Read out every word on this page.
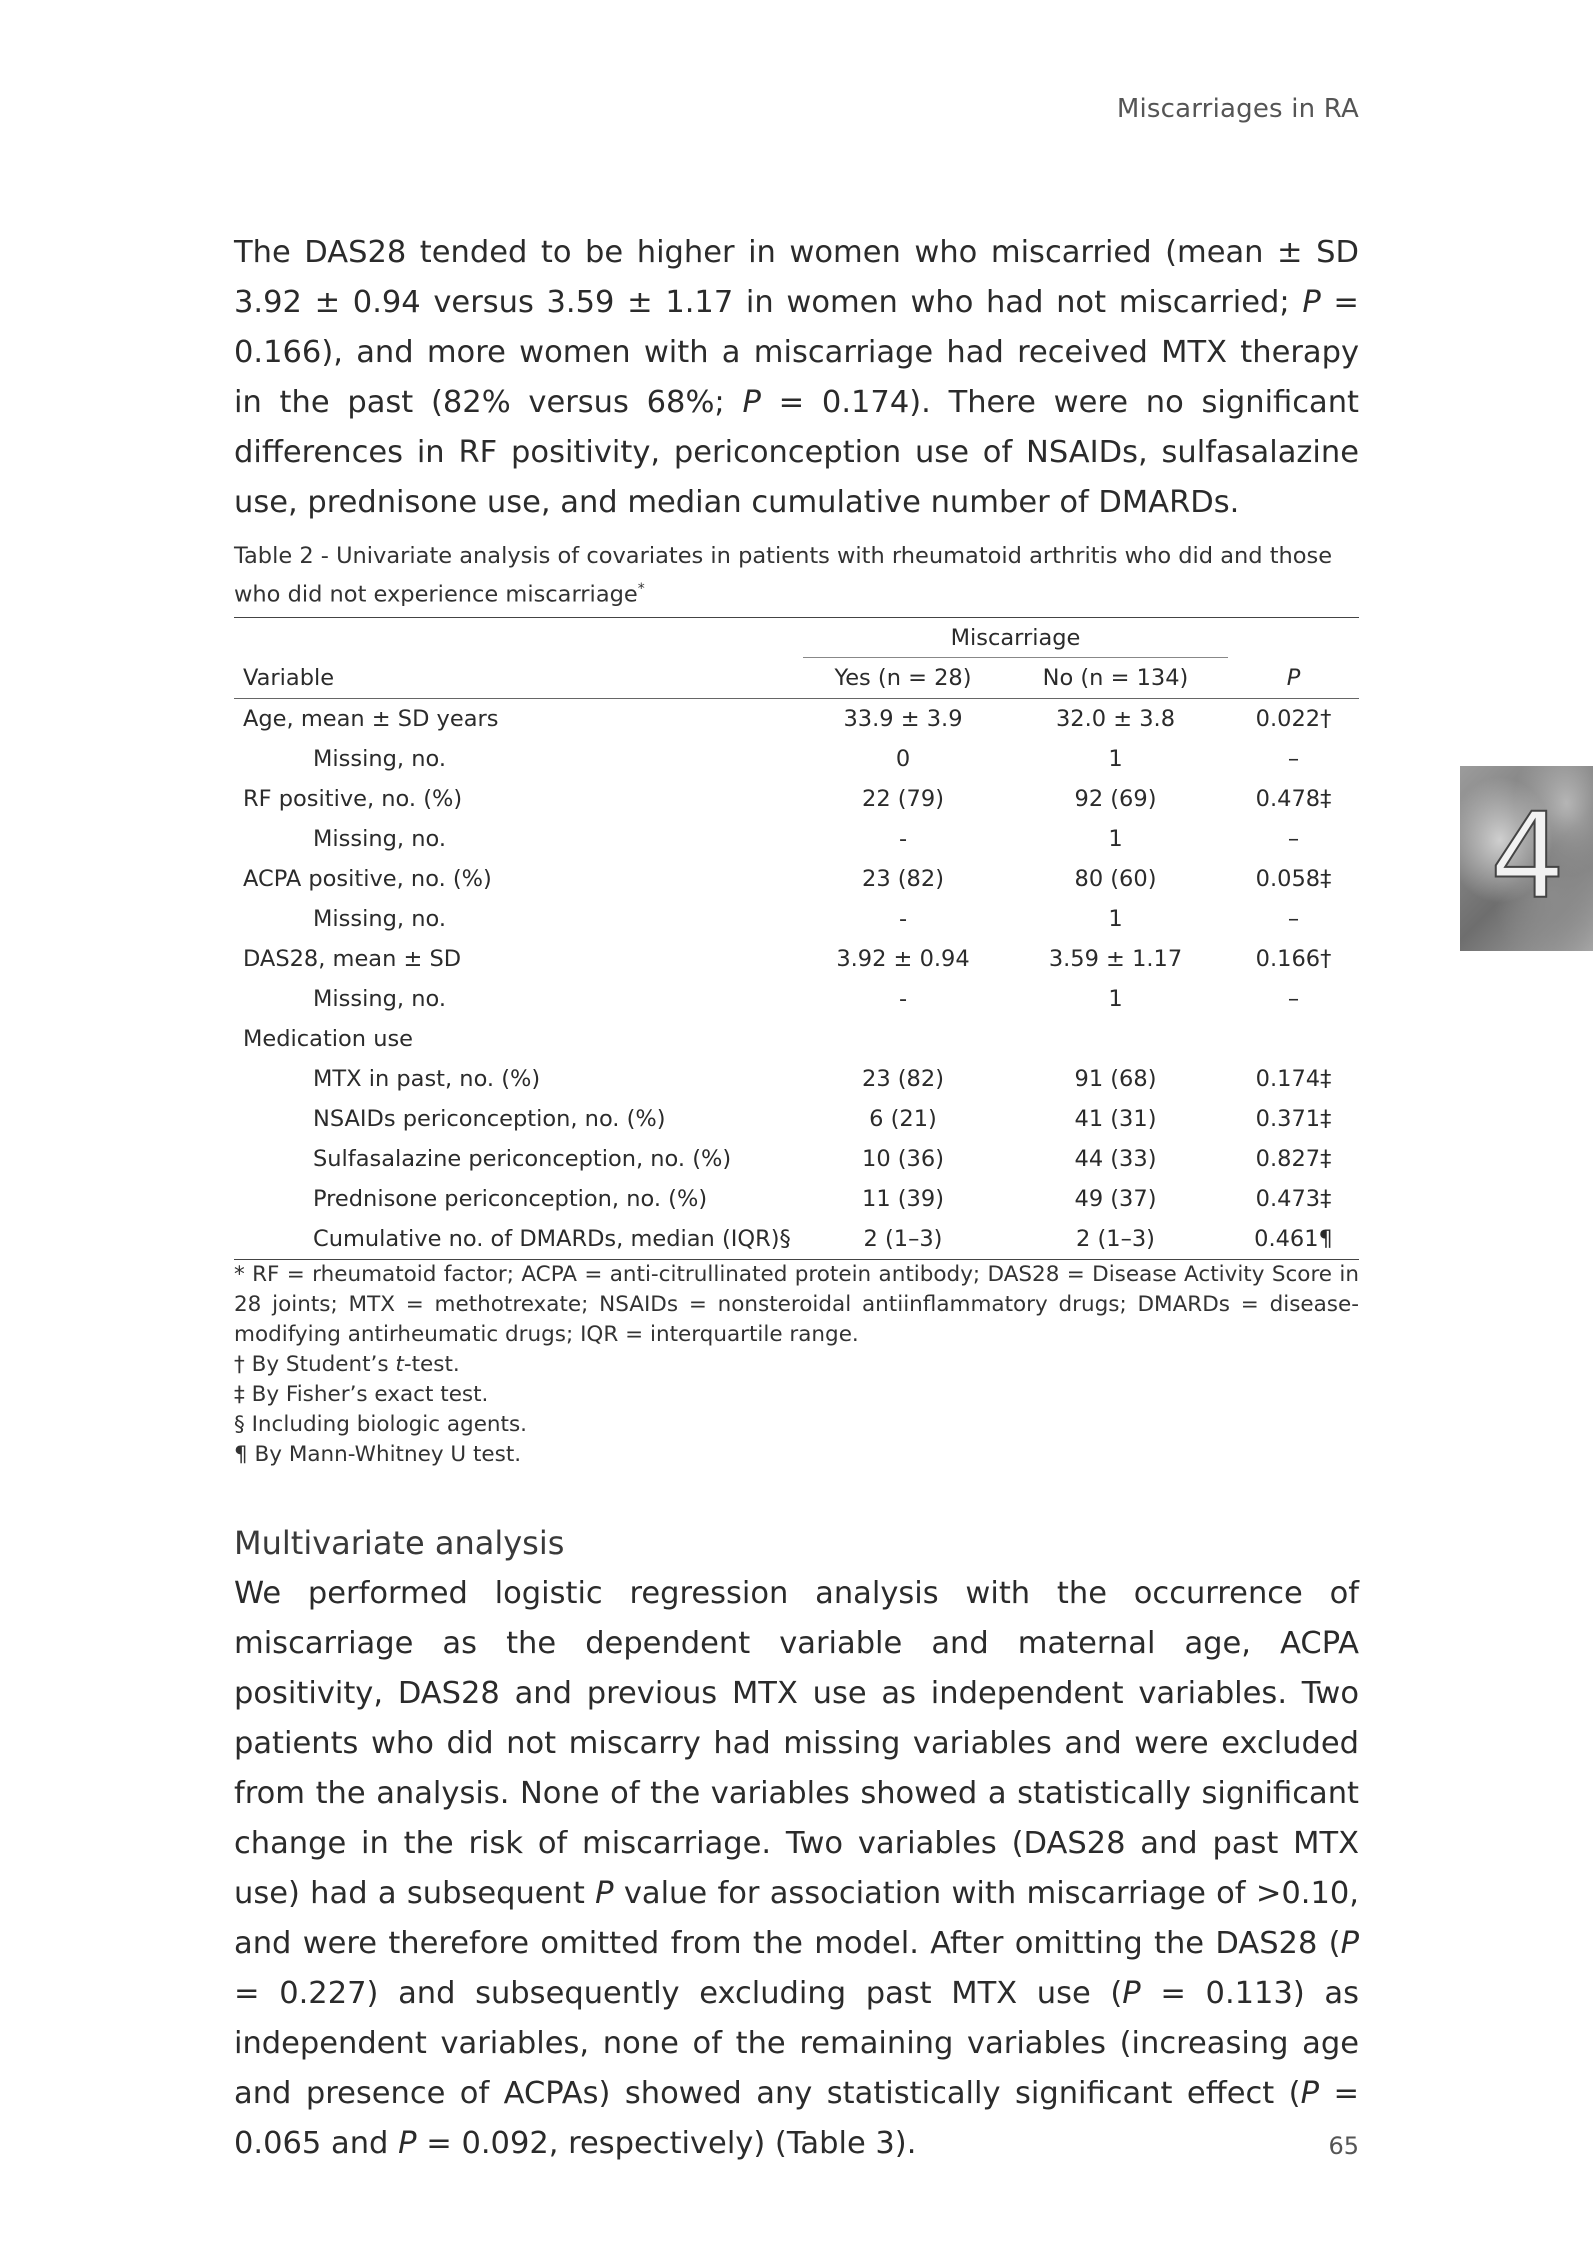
Miscarriages in RA
4

The DAS28 tended to be higher in women who miscarried (mean ± SD 3.92 ± 0.94 versus 3.59 ± 1.17 in women who had not miscarried; P = 0.166), and more women with a miscarriage had received MTX therapy in the past (82% versus 68%; P = 0.174). There were no significant differences in RF positivity, periconception use of NSAIDs, sulfasalazine use, prednisone use, and median cumulative number of DMARDs.

Table 2 - Univariate analysis of covariates in patients with rheumatoid arthritis who did and those who did not experience miscarriage*
	Miscarriage		
Variable	Yes (n = 28)	No (n = 134)	P
Age, mean ± SD years	33.9 ± 3.9	32.0 ± 3.8	0.022†
Missing, no.	0	1	–
RF positive, no. (%)	22 (79)	92 (69)	0.478‡
Missing, no.	-	1	–
ACPA positive, no. (%)	23 (82)	80 (60)	0.058‡
Missing, no.	-	1	–
DAS28, mean ± SD	3.92 ± 0.94	3.59 ± 1.17	0.166†
Missing, no.	-	1	–
Medication use			
MTX in past, no. (%)	23 (82)	91 (68)	0.174‡
NSAIDs periconception, no. (%)	6 (21)	41 (31)	0.371‡
Sulfasalazine periconception, no. (%)	10 (36)	44 (33)	0.827‡
Prednisone periconception, no. (%)	11 (39)	49 (37)	0.473‡
Cumulative no. of DMARDs, median (IQR)§	2 (1–3)	2 (1–3)	0.461¶

* RF = rheumatoid factor; ACPA = anti-citrullinated protein antibody; DAS28 = Disease Activity Score in 28 joints; MTX = methotrexate; NSAIDs = nonsteroidal antiinflammatory drugs; DMARDs = disease-modifying antirheumatic drugs; IQR = interquartile range.

† By Student’s t-test.

‡ By Fisher’s exact test.

§ Including biologic agents.

¶ By Mann-Whitney U test.

Multivariate analysis

We performed logistic regression analysis with the occurrence of miscarriage as the dependent variable and maternal age, ACPA positivity, DAS28 and previous MTX use as independent variables. Two patients who did not miscarry had missing variables and were excluded from the analysis. None of the variables showed a statistically significant change in the risk of miscarriage. Two variables (DAS28 and past MTX use) had a subsequent P value for association with miscarriage of >0.10, and were therefore omitted from the model. After omitting the DAS28 (P = 0.227) and subsequently excluding past MTX use (P = 0.113) as independent variables, none of the remaining variables (increasing age and presence of ACPAs) showed any statistically significant effect (P = 0.065 and P = 0.092, respectively) (Table 3).	65
